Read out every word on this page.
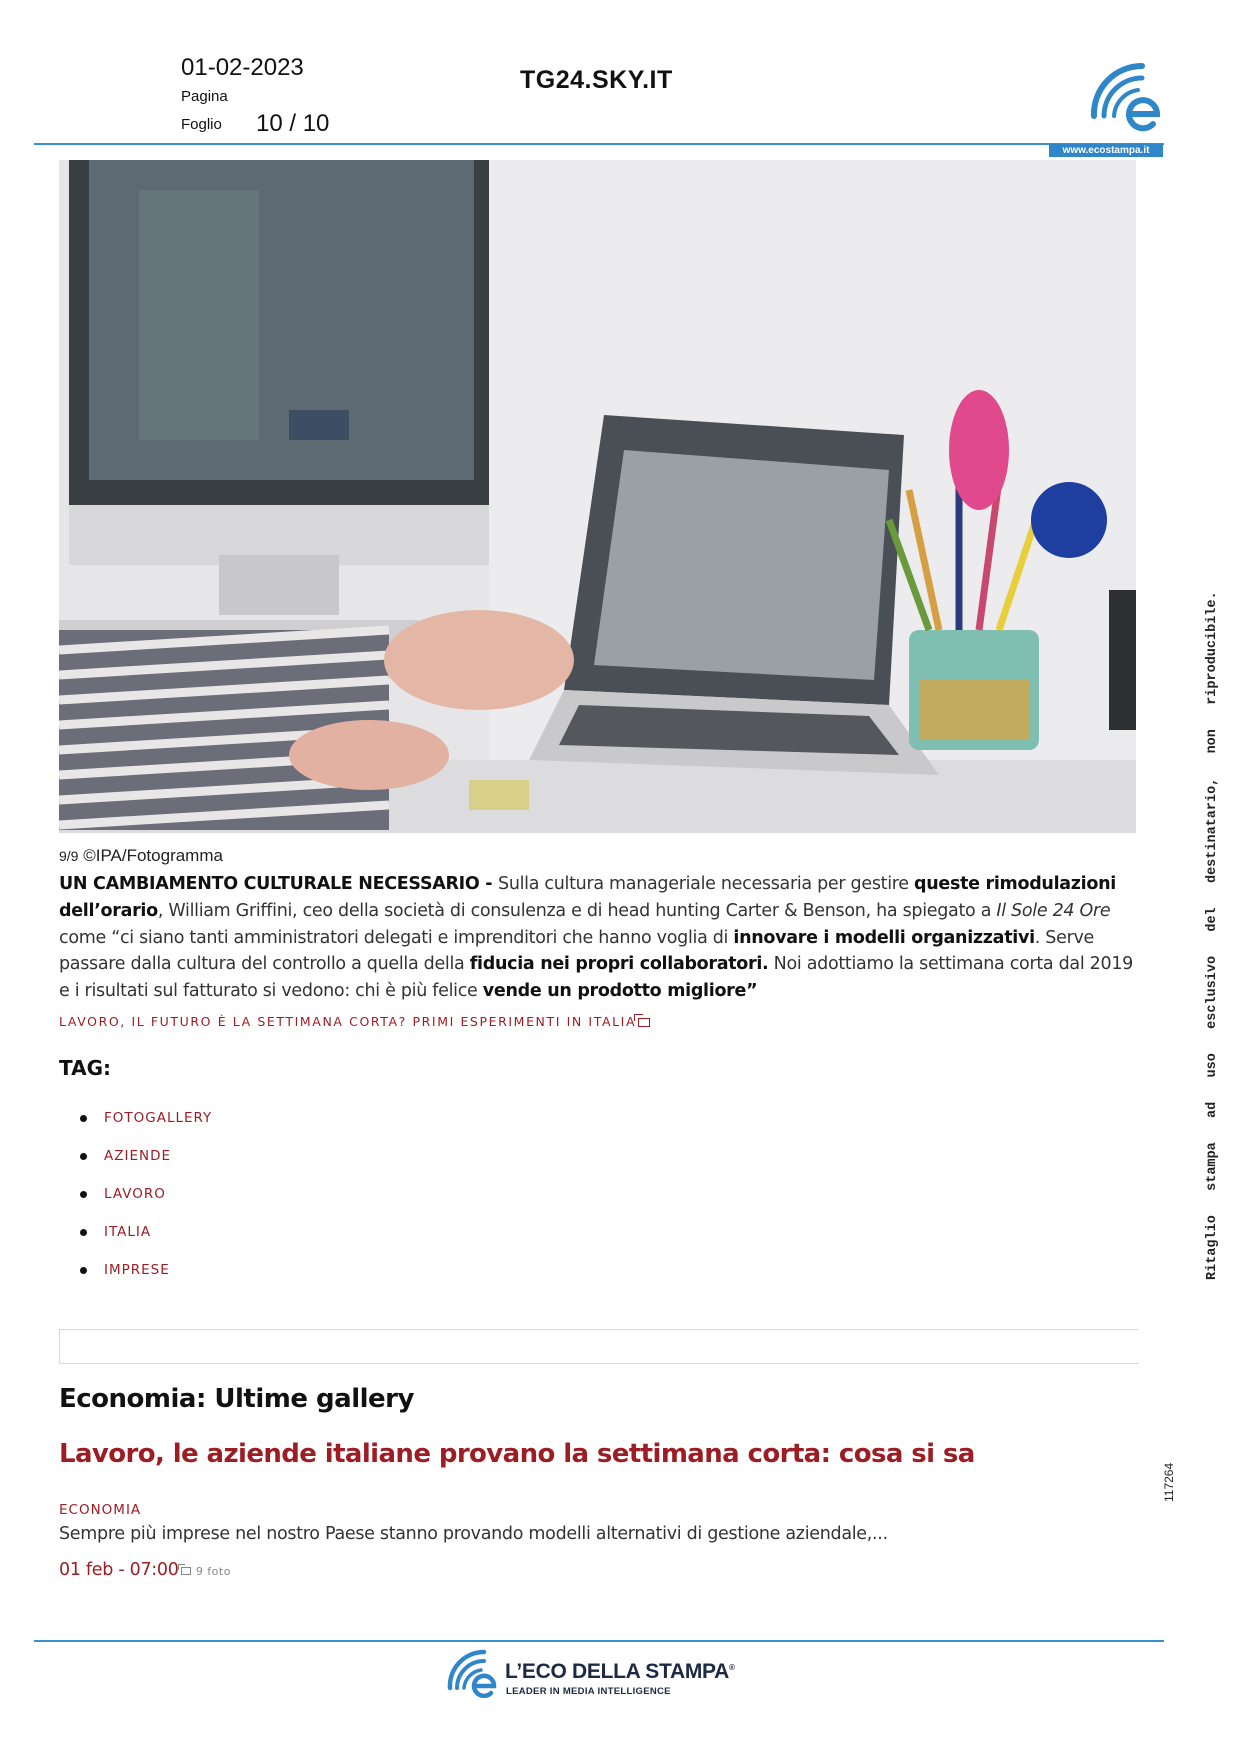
01-02-2023
Pagina
Foglio 10 / 10
TG24.SKY.IT
www.ecostampa.it
9/9 ©IPA/Fotogramma
UN CAMBIAMENTO CULTURALE NECESSARIO - Sulla cultura manageriale necessaria per gestire queste rimodulazioni dell’orario, William Griffini, ceo della società di consulenza e di head hunting Carter & Benson, ha spiegato a Il Sole 24 Ore come “ci siano tanti amministratori delegati e imprenditori che hanno voglia di innovare i modelli organizzativi. Serve passare dalla cultura del controllo a quella della fiducia nei propri collaboratori. Noi adottiamo la settimana corta dal 2019 e i risultati sul fatturato si vedono: chi è più felice vende un prodotto migliore”
LAVORO, IL FUTURO È LA SETTIMANA CORTA? PRIMI ESPERIMENTI IN ITALIA
TAG:
FOTOGALLERY
AZIENDE
LAVORO
ITALIA
IMPRESE
Economia: Ultime gallery
Lavoro, le aziende italiane provano la settimana corta: cosa si sa
ECONOMIA
Sempre più imprese nel nostro Paese stanno provando modelli alternativi di gestione aziendale,...
01 feb - 07:00 9 foto
Ritaglio   stampa   ad   uso   esclusivo   del   destinatario,   non   riproducibile.
117264
L’ECO DELLA STAMPA®
LEADER IN MEDIA INTELLIGENCE
